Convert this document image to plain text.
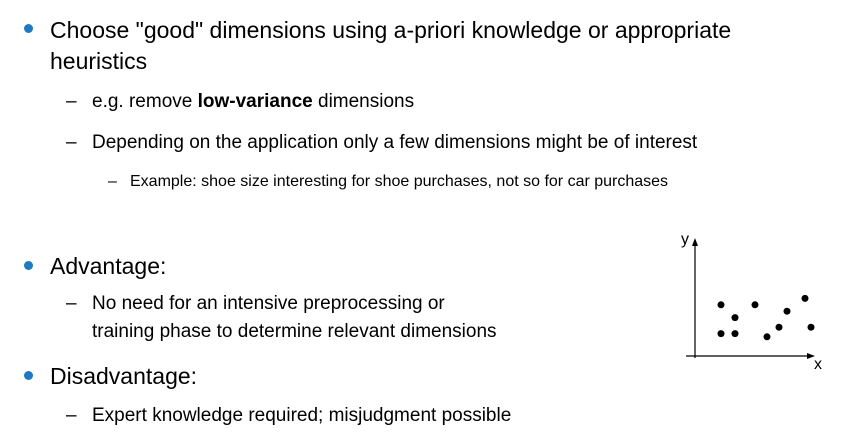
Choose "good" dimensions using a-priori knowledge or appropriate
heuristics
– e.g. remove low-variance dimensions
– Depending on the application only a few dimensions might be of interest
– Example: shoe size interesting for shoe purchases, not so for car purchases
Advantage:
– No need for an intensive preprocessing or
training phase to determine relevant dimensions
Disadvantage:
– Expert knowledge required; misjudgment possible
y
x
